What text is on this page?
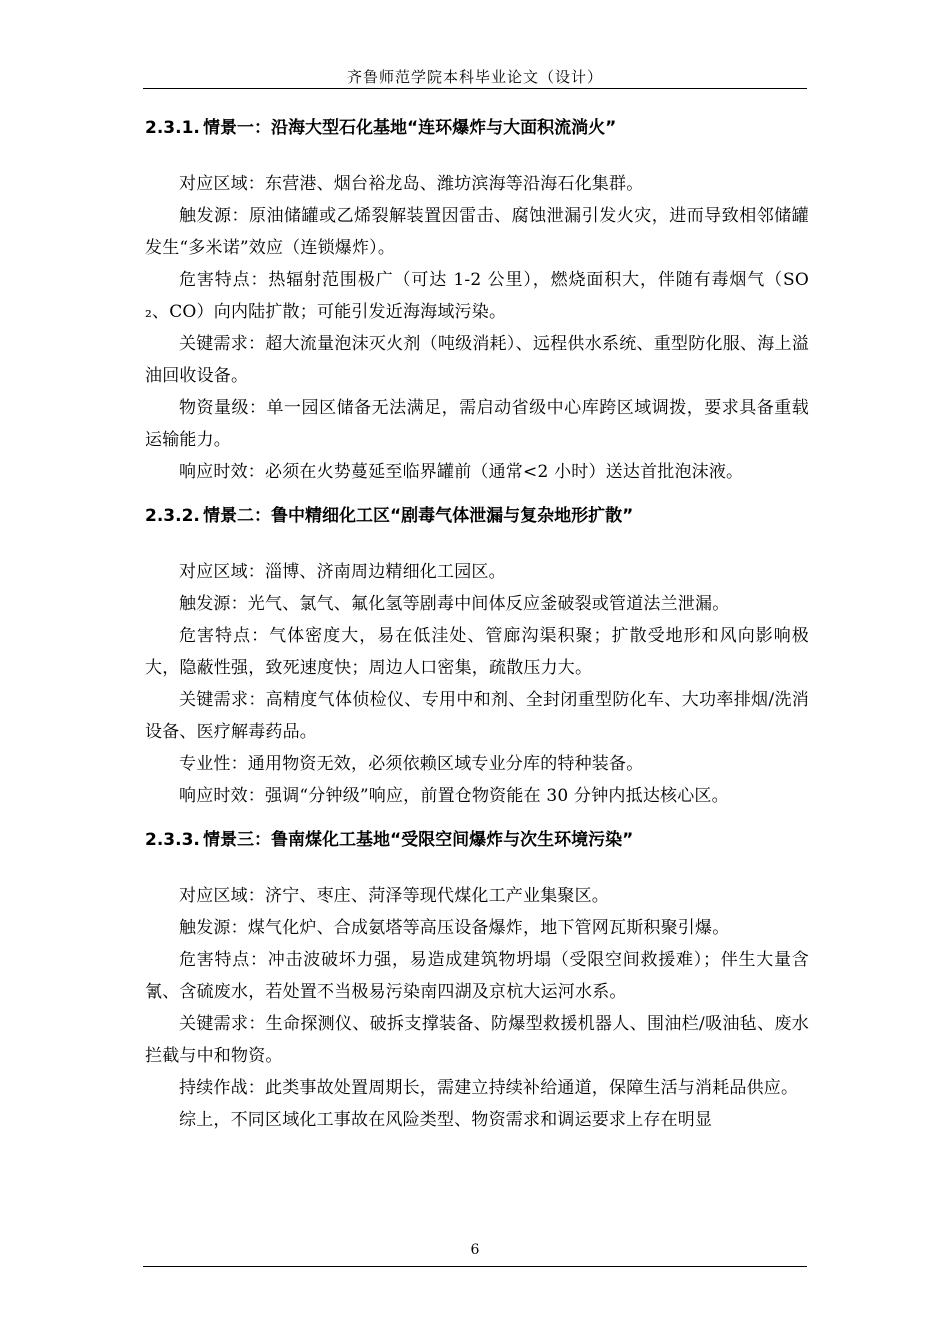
齐鲁师范学院本科毕业论文（设计）
2.3.1. 情景一：沿海大型石化基地“连环爆炸与大面积流淌火”

对应区域：东营港、烟台裕龙岛、潍坊滨海等沿海石化集群。

触发源：原油储罐或乙烯裂解装置因雷击、腐蚀泄漏引发火灾，进而导致相邻储罐发生“多米诺”效应（连锁爆炸）。

危害特点：热辐射范围极广（可达 1-2 公里），燃烧面积大，伴随有毒烟气（SO ₂、CO）向内陆扩散；可能引发近海海域污染。

关键需求：超大流量泡沫灭火剂（吨级消耗）、远程供水系统、重型防化服、海上溢油回收设备。

物资量级：单一园区储备无法满足，需启动省级中心库跨区域调拨，要求具备重载运输能力。

响应时效：必须在火势蔓延至临界罐前（通常<2 小时）送达首批泡沫液。

2.3.2. 情景二：鲁中精细化工区“剧毒气体泄漏与复杂地形扩散”

对应区域：淄博、济南周边精细化工园区。

触发源：光气、氯气、氟化氢等剧毒中间体反应釜破裂或管道法兰泄漏。

危害特点：气体密度大，易在低洼处、管廊沟渠积聚；扩散受地形和风向影响极大，隐蔽性强，致死速度快；周边人口密集，疏散压力大。

关键需求：高精度气体侦检仪、专用中和剂、全封闭重型防化车、大功率排烟/洗消设备、医疗解毒药品。

专业性：通用物资无效，必须依赖区域专业分库的特种装备。

响应时效：强调“分钟级”响应，前置仓物资能在 30 分钟内抵达核心区。

2.3.3. 情景三：鲁南煤化工基地“受限空间爆炸与次生环境污染”

对应区域：济宁、枣庄、菏泽等现代煤化工产业集聚区。

触发源：煤气化炉、合成氨塔等高压设备爆炸，地下管网瓦斯积聚引爆。

危害特点：冲击波破坏力强，易造成建筑物坍塌（受限空间救援难）；伴生大量含氰、含硫废水，若处置不当极易污染南四湖及京杭大运河水系。

关键需求：生命探测仪、破拆支撑装备、防爆型救援机器人、围油栏/吸油毡、废水拦截与中和物资。

持续作战：此类事故处置周期长，需建立持续补给通道，保障生活与消耗品供应。

综上，不同区域化工事故在风险类型、物资需求和调运要求上存在明显

6
